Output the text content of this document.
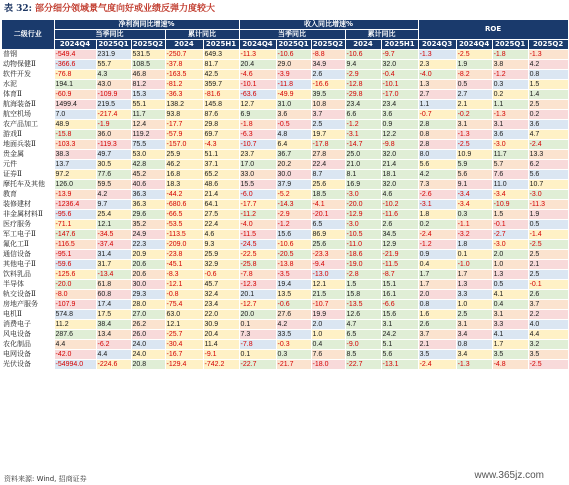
表 32: 部分细分领域景气度向好或业绩反弹力度较大
二级行业	净利润同比增速%					收入同比增速%					ROE			
	当季同比			累计同比		当季同比			累计同比					
	2024Q4	2025Q1	2025Q2	2024	2025H1	2024Q4	2025Q1	2025Q2	2024	2025H1	2024Q3	2024Q4	2025Q1	2025Q2
普钢	-549.4	231.9	531.5	-250.7	649.3	-11.3	-10.6	-8.8	-10.6	-9.7	-1.3	-2.5	-1.8	-1.3
动物保健Ⅱ	-366.6	55.7	108.5	-37.8	81.7	20.4	29.0	34.9	9.4	32.0	2.3	1.9	3.8	4.2
软件开发	-76.8	4.3	46.8	-163.5	42.5	-4.6	-3.9	2.6	-2.9	-0.4	-4.0	-8.2	-1.2	0.8
水泥	194.1	43.0	81.2	-81.2	359.7	-10.1	-11.8	-16.6	-12.8	-10.1	1.3	0.5	0.3	1.5
体育Ⅱ	-60.9	-109.9	15.3	-36.3	-81.6	-63.6	-49.9	39.5	-29.8	-17.0	2.7	2.7	0.2	1.4
航海装备Ⅱ	1499.4	219.5	55.1	138.2	145.8	12.7	31.0	10.8	23.4	23.4	1.1	2.1	1.1	2.5
航空机场	7.0	-217.4	11.7	93.8	87.6	6.9	3.6	3.7	6.6	3.6	-0.7	-0.2	-1.3	0.2
农产品加工	48.9	-1.9	12.4	-17.7	29.8	-1.8	-0.5	2.5	-1.2	0.9	2.8	3.1	3.1	3.6
游戏Ⅱ	-15.8	36.0	119.2	-57.9	69.7	-6.3	4.8	19.7	-3.1	12.2	0.8	-1.3	3.6	4.7
地面兵装Ⅱ	-103.3	-119.3	75.5	-157.0	-4.3	-10.7	6.4	-17.8	-14.7	-9.8	2.8	-2.5	-3.0	-2.4
贵金属	38.3	49.7	53.0	25.9	51.1	23.7	36.7	27.8	25.0	32.0	8.0	10.9	11.7	13.3
元件	13.7	30.5	42.8	46.2	37.1	17.0	20.2	22.4	21.0	21.4	5.6	5.9	5.7	6.2
证券Ⅱ	97.2	77.6	45.2	16.8	65.2	33.0	30.0	8.7	8.1	18.1	4.2	5.6	7.6	5.6
摩托车及其他	126.0	59.5	40.6	18.3	48.6	15.5	37.9	25.6	16.9	32.0	7.3	9.1	11.0	10.7
教育	-13.9	4.2	36.3	-44.2	21.4	-6.0	-5.2	18.5	-3.0	4.6	-2.6	-3.4	-3.4	-3.0
装修建材	-1236.4	9.7	36.3	-680.6	64.1	-17.7	-14.3	-4.1	-20.0	-10.2	-3.1	-3.4	-10.9	-11.3
非金属材料Ⅱ	-95.6	25.4	29.6	-66.5	27.5	-11.2	-2.9	-20.1	-12.9	-11.6	1.8	0.3	1.5	1.9
医疗服务	-71.1	12.1	35.2	-53.5	22.4	-4.0	-1.2	6.5	-3.0	2.6	0.2	-1.1	-0.1	0.5
军工电子Ⅱ	-147.6	-34.5	24.9	-113.5	4.6	-11.5	15.6	86.9	-10.5	34.5	-2.4	-3.2	-2.7	-1.4
氟化工Ⅱ	-116.5	-37.4	22.3	-209.0	9.3	-24.5	-10.6	25.6	-11.0	12.9	-1.2	1.8	-3.0	-2.5
通信设备	-95.1	31.4	20.9	-23.8	25.9	-22.5	-20.5	-23.3	-18.6	-21.9	0.9	0.1	2.0	2.5
其他电子Ⅱ	-59.6	31.7	20.6	-45.1	32.9	-25.8	-13.8	-9.4	-19.0	-11.5	0.4	-1.0	1.0	2.1
饮料乳品	-125.6	-13.4	20.6	-8.3	-0.6	-7.8	-3.5	-13.0	-2.8	-8.7	1.7	1.7	1.3	2.5
半导体	-20.0	61.8	30.0	-12.1	45.7	-12.3	19.4	12.1	1.5	15.1	1.7	1.3	0.5	-0.1
轨交设备Ⅱ	-8.0	60.8	29.3	-0.8	32.4	20.1	13.5	21.5	15.8	16.1	2.0	3.3	4.1	2.6
房地产服务	-107.9	17.4	28.0	-75.4	23.4	-12.7	-0.6	-10.7	-13.5	-6.6	0.8	1.0	0.4	3.7
电机Ⅱ	574.8	17.5	27.0	63.0	22.0	20.0	27.6	19.9	12.6	15.6	1.6	2.5	3.1	2.2
消费电子	11.2	38.4	26.2	12.1	30.9	0.1	4.2	2.0	4.7	3.1	2.6	3.1	3.3	4.0
风电设备	287.6	13.4	26.0	-25.7	20.4	7.3	33.5	1.0	6.5	24.2	3.7	3.4	4.1	4.4
农化制品	4.4	-6.2	24.0	-30.4	11.4	-7.8	-0.3	0.4	-9.0	5.1	2.1	0.8	1.7	3.2
电网设备	-42.0	4.4	24.0	-16.7	-9.1	0.1	0.3	7.6	8.5	5.6	3.5	3.4	3.5	3.5
光伏设备	-54994.0	-224.6	20.8	-129.4	-742.2	-22.7	-21.7	-18.0	-22.7	-13.1	-2.4	-1.3	-4.8	-2.5
资料来源: Wind, 招商证券	www.365jz.com
